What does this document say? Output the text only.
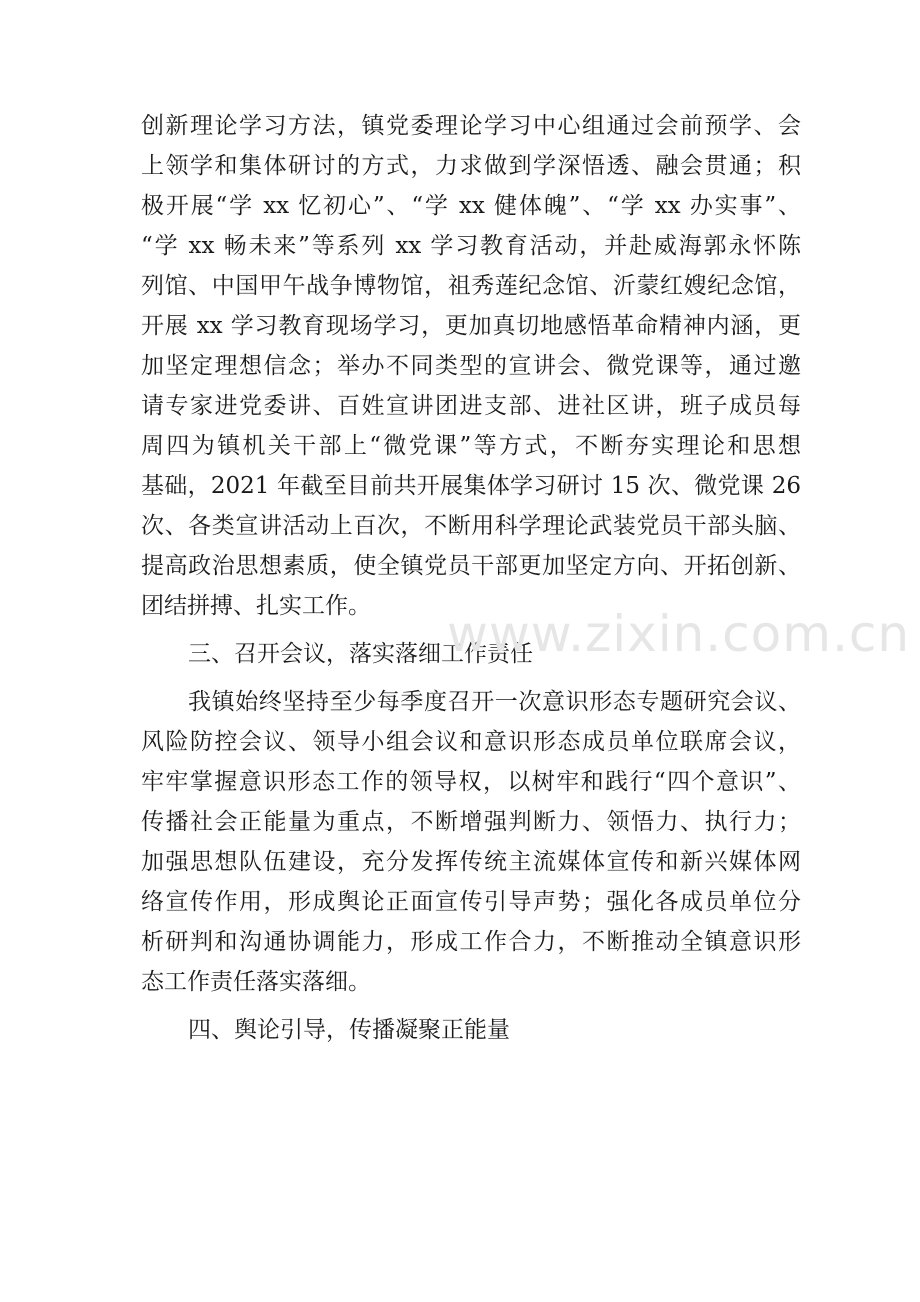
创新理论学习方法，镇党委理论学习中心组通过会前预学、会
上领学和集体研讨的方式，力求做到学深悟透、融会贯通；积
极开展“学 xx 忆初心”、“学 xx 健体魄”、“学 xx 办实事”、
“学 xx 畅未来”等系列 xx 学习教育活动，并赴威海郭永怀陈
列馆、中国甲午战争博物馆，祖秀莲纪念馆、沂蒙红嫂纪念馆，
开展 xx 学习教育现场学习，更加真切地感悟革命精神内涵，更
加坚定理想信念；举办不同类型的宣讲会、微党课等，通过邀
请专家进党委讲、百姓宣讲团进支部、进社区讲，班子成员每
周四为镇机关干部上“微党课”等方式，不断夯实理论和思想
基础，2021 年截至目前共开展集体学习研讨 15 次、微党课 26
次、各类宣讲活动上百次，不断用科学理论武装党员干部头脑、
提高政治思想素质，使全镇党员干部更加坚定方向、开拓创新、
团结拼搏、扎实工作。
三、召开会议，落实落细工作责任
我镇始终坚持至少每季度召开一次意识形态专题研究会议、
风险防控会议、领导小组会议和意识形态成员单位联席会议，
牢牢掌握意识形态工作的领导权，以树牢和践行“四个意识”、
传播社会正能量为重点，不断增强判断力、领悟力、执行力；
加强思想队伍建设，充分发挥传统主流媒体宣传和新兴媒体网
络宣传作用，形成舆论正面宣传引导声势；强化各成员单位分
析研判和沟通协调能力，形成工作合力，不断推动全镇意识形
态工作责任落实落细。
四、舆论引导，传播凝聚正能量
www.zixin.com.cn
